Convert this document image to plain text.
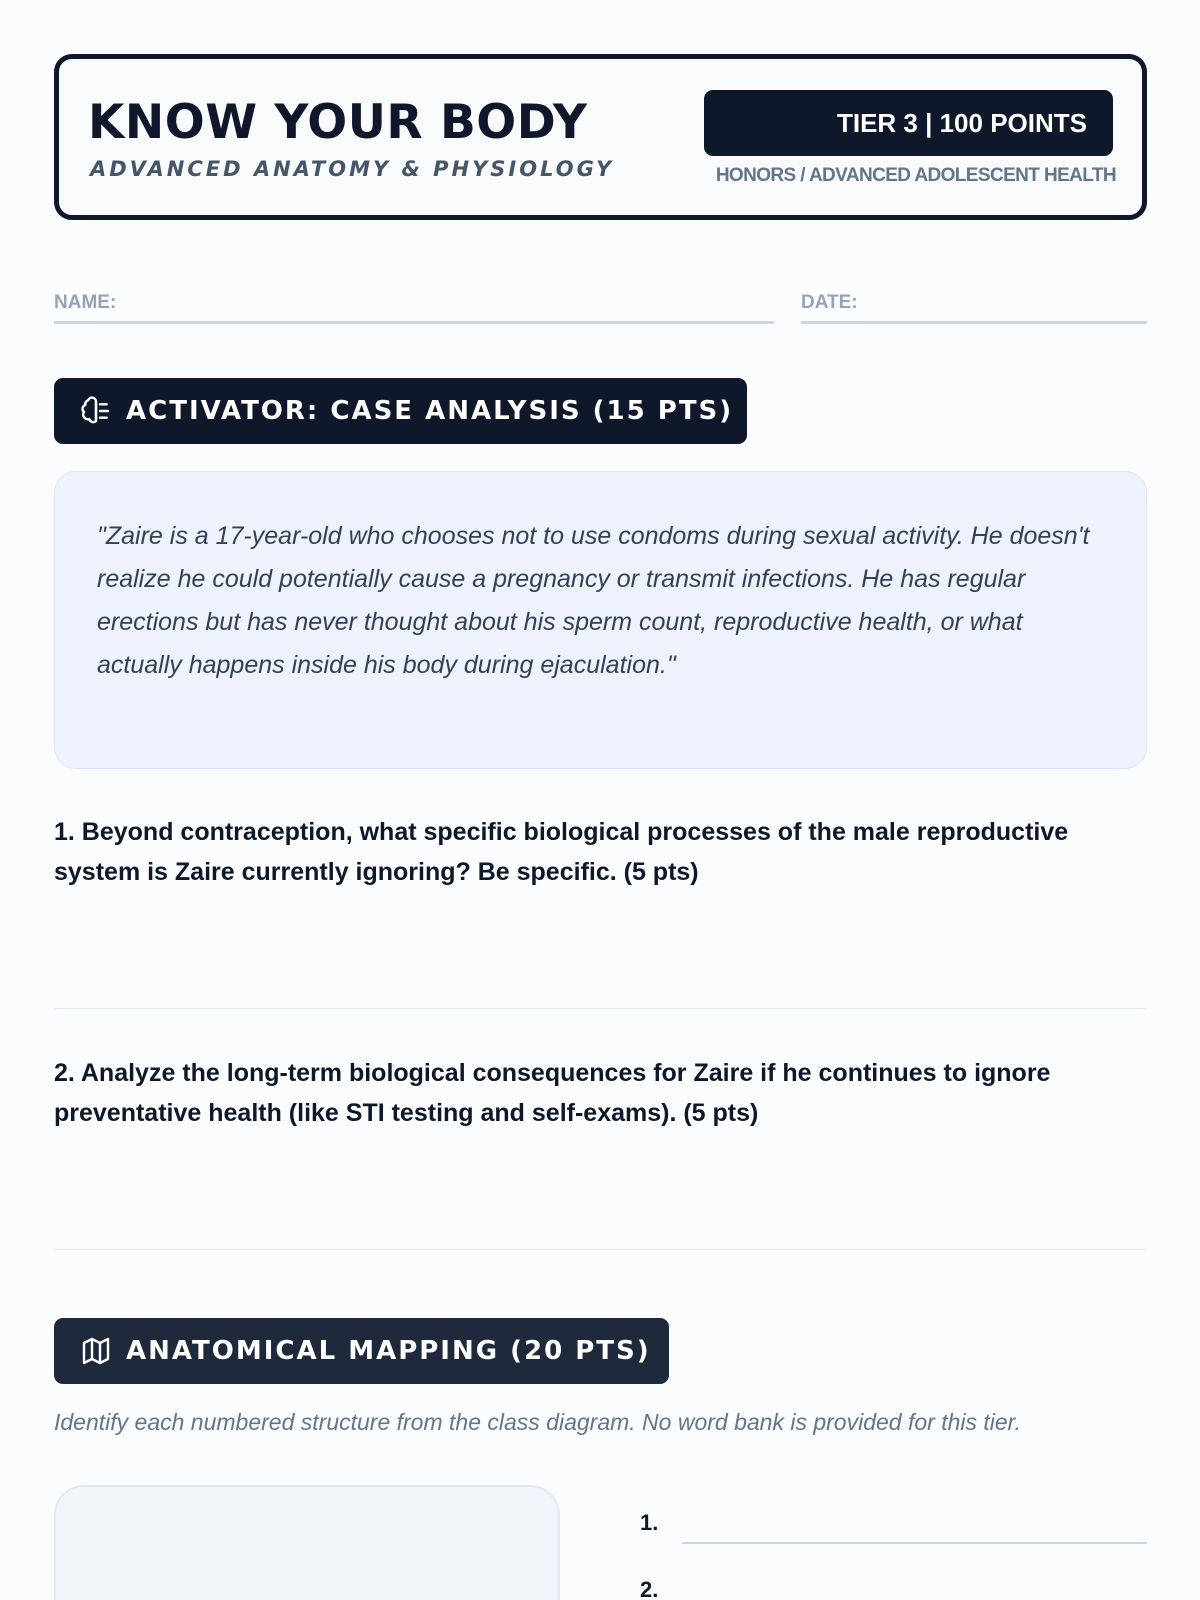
KNOW YOUR BODY
ADVANCED ANATOMY & PHYSIOLOGY
TIER 3 | 100 POINTS
HONORS / ADVANCED ADOLESCENT HEALTH
NAME:	DATE:
ACTIVATOR: CASE ANALYSIS (15 PTS)

"Zaire is a 17-year-old who chooses not to use condoms during sexual activity. He doesn't realize he could potentially cause a pregnancy or transmit infections. He has regular erections but has never thought about his sperm count, reproductive health, or what actually happens inside his body during ejaculation."

1. Beyond contraception, what specific biological processes of the male reproductive system is Zaire currently ignoring? Be specific. (5 pts)
2. Analyze the long-term biological consequences for Zaire if he continues to ignore preventative health (like STI testing and self-exams). (5 pts)
ANATOMICAL MAPPING (20 PTS)
Identify each numbered structure from the class diagram. No word bank is provided for this tier.
1.
2.
